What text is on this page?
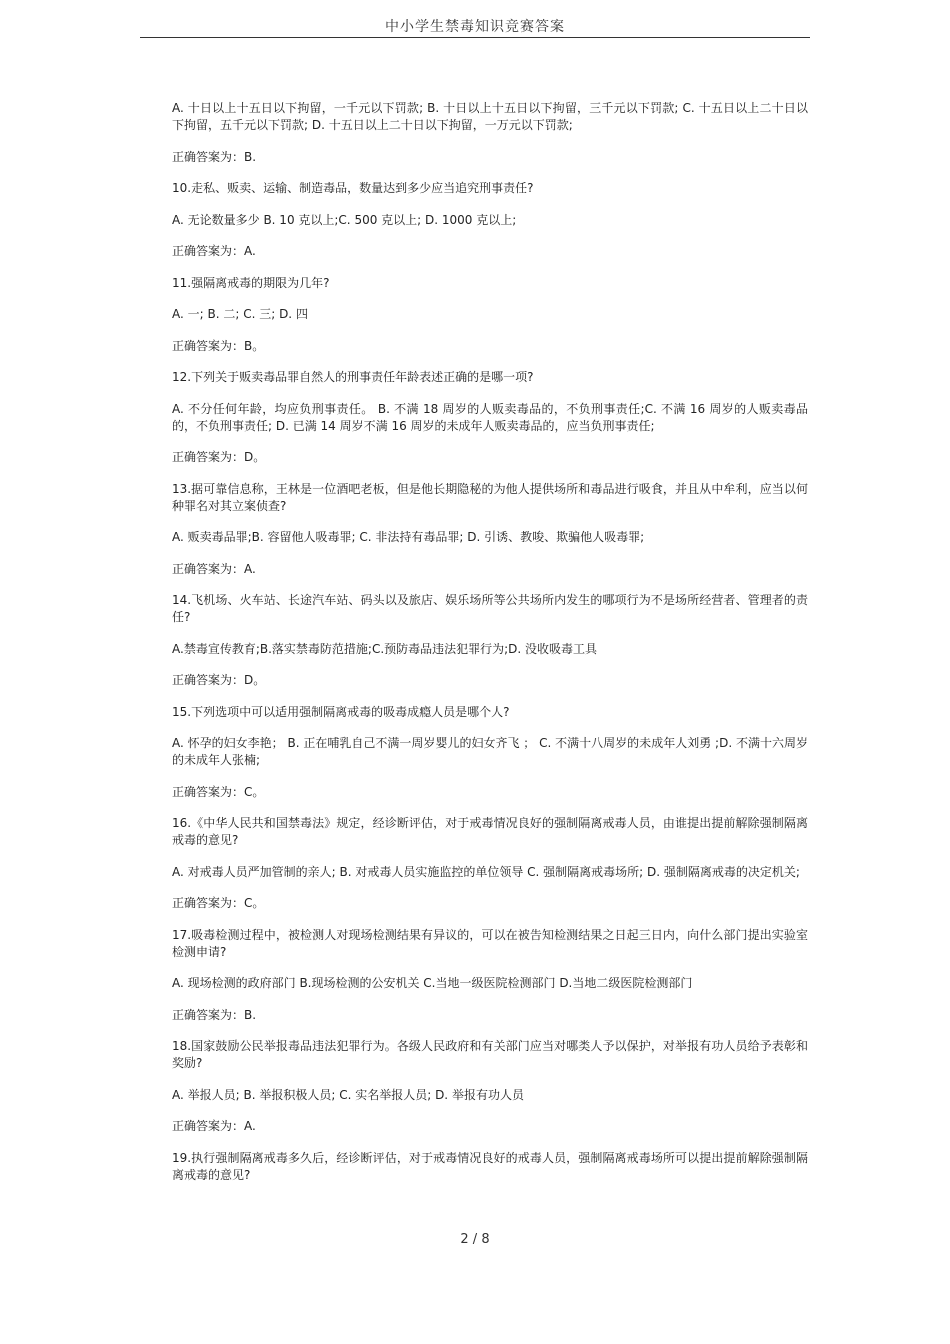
中小学生禁毒知识竞赛答案

A. 十日以上十五日以下拘留，一千元以下罚款; B. 十日以上十五日以下拘留，三千元以下罚款; C. 十五日以上二十日以下拘留，五千元以下罚款; D. 十五日以上二十日以下拘留，一万元以下罚款;

正确答案为：B.

10.走私、贩卖、运输、制造毒品，数量达到多少应当追究刑事责任?

A. 无论数量多少 B. 10 克以上;C. 500 克以上; D. 1000 克以上;

正确答案为：A.

11.强隔离戒毒的期限为几年?

A. 一; B. 二; C. 三; D. 四

正确答案为：B。

12.下列关于贩卖毒品罪自然人的刑事责任年龄表述正确的是哪一项?

A. 不分任何年龄，均应负刑事责任。 B. 不满 18 周岁的人贩卖毒品的，不负刑事责任;C. 不满 16 周岁的人贩卖毒品的，不负刑事责任; D. 已满 14 周岁不满 16 周岁的未成年人贩卖毒品的，应当负刑事责任;

正确答案为：D。

13.据可靠信息称，王林是一位酒吧老板，但是他长期隐秘的为他人提供场所和毒品进行吸食，并且从中牟利，应当以何种罪名对其立案侦查?

A. 贩卖毒品罪;B. 容留他人吸毒罪; C. 非法持有毒品罪; D. 引诱、教唆、欺骗他人吸毒罪;

正确答案为：A.

14.飞机场、火车站、长途汽车站、码头以及旅店、娱乐场所等公共场所内发生的哪项行为不是场所经营者、管理者的责任?

A.禁毒宣传教育;B.落实禁毒防范措施;C.预防毒品违法犯罪行为;D. 没收吸毒工具

正确答案为：D。

15.下列选项中可以适用强制隔离戒毒的吸毒成瘾人员是哪个人?

A. 怀孕的妇女李艳； B. 正在哺乳自己不满一周岁婴儿的妇女齐飞 ； C. 不满十八周岁的未成年人刘勇 ;D. 不满十六周岁的未成年人张楠;

正确答案为：C。

16.《中华人民共和国禁毒法》规定，经诊断评估，对于戒毒情况良好的强制隔离戒毒人员，由谁提出提前解除强制隔离戒毒的意见?

A. 对戒毒人员严加管制的亲人; B. 对戒毒人员实施监控的单位领导 C. 强制隔离戒毒场所; D. 强制隔离戒毒的决定机关;

正确答案为：C。

17.吸毒检测过程中，被检测人对现场检测结果有异议的，可以在被告知检测结果之日起三日内，向什么部门提出实验室检测申请?

A. 现场检测的政府部门 B.现场检测的公安机关 C.当地一级医院检测部门 D.当地二级医院检测部门

正确答案为：B.

18.国家鼓励公民举报毒品违法犯罪行为。各级人民政府和有关部门应当对哪类人予以保护，对举报有功人员给予表彰和奖励?

A. 举报人员; B. 举报积极人员; C. 实名举报人员; D. 举报有功人员

正确答案为：A.

19.执行强制隔离戒毒多久后，经诊断评估，对于戒毒情况良好的戒毒人员，强制隔离戒毒场所可以提出提前解除强制隔离戒毒的意见?

2 / 8
